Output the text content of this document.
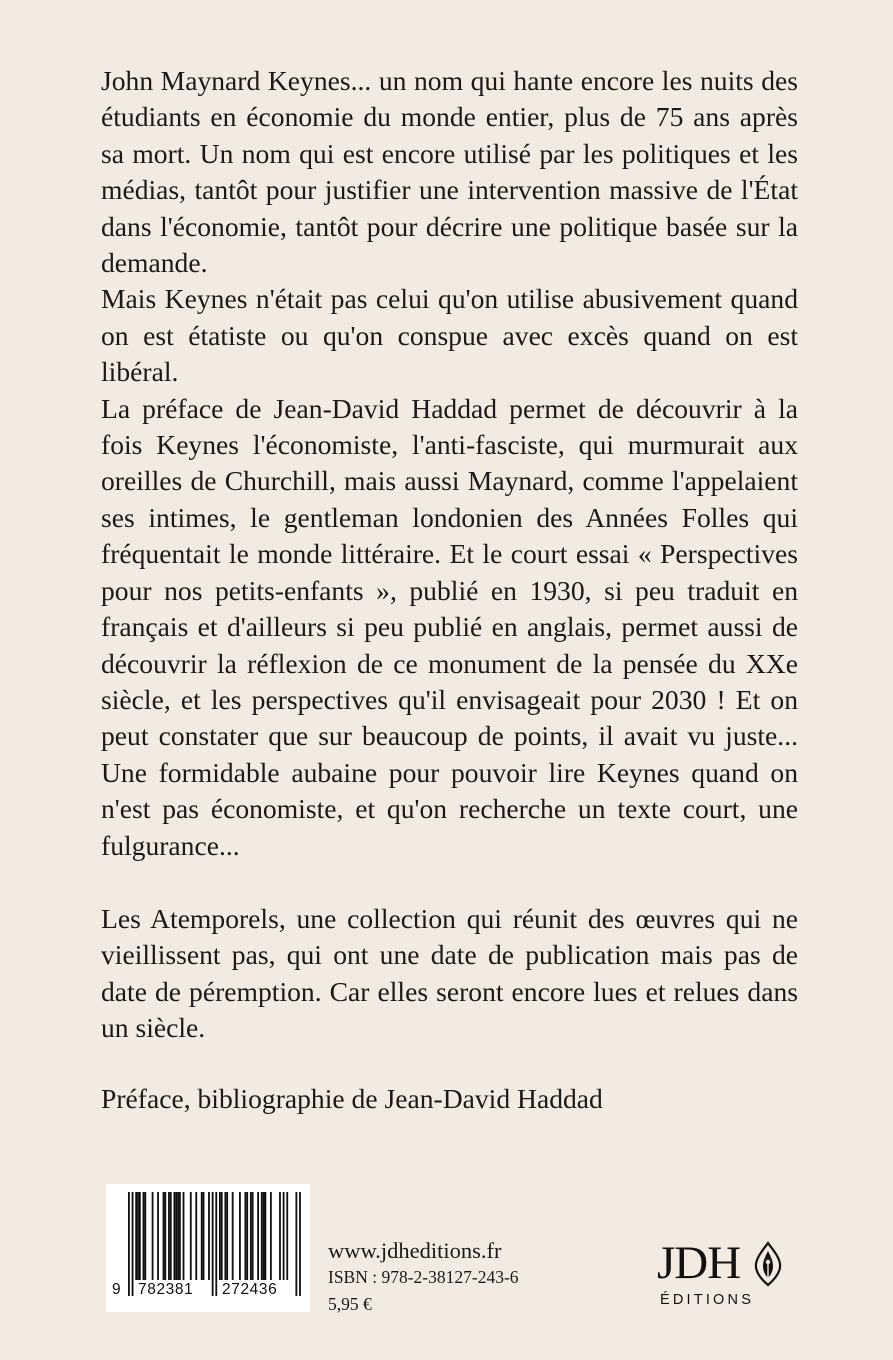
John Maynard Keynes... un nom qui hante encore les nuits des étudiants en économie du monde entier, plus de 75 ans après sa mort. Un nom qui est encore utilisé par les politiques et les médias, tantôt pour justifier une intervention massive de l'État dans l'économie, tantôt pour décrire une politique basée sur la demande.

Mais Keynes n'était pas celui qu'on utilise abusivement quand on est étatiste ou qu'on conspue avec excès quand on est libéral.

La préface de Jean-David Haddad permet de découvrir à la fois Keynes l'économiste, l'anti-fasciste, qui murmurait aux oreilles de Churchill, mais aussi Maynard, comme l'appelaient ses intimes, le gentleman londonien des Années Folles qui fréquentait le monde littéraire. Et le court essai « Perspectives pour nos petits-enfants », publié en 1930, si peu traduit en français et d'ailleurs si peu publié en anglais, permet aussi de découvrir la réflexion de ce monument de la pensée du XXe siècle, et les perspectives qu'il envisageait pour 2030 ! Et on peut constater que sur beaucoup de points, il avait vu juste... Une formidable aubaine pour pouvoir lire Keynes quand on n'est pas économiste, et qu'on recherche un texte court, une fulgurance...

Les Atemporels, une collection qui réunit des œuvres qui ne vieillissent pas, qui ont une date de publication mais pas de date de péremption. Car elles seront encore lues et relues dans un siècle.

Préface, bibliographie de Jean-David Haddad

9 782381 272436
www.jdheditions.fr
ISBN : 978-2-38127-243-6
5,95 €
JDH
ÉDITIONS
